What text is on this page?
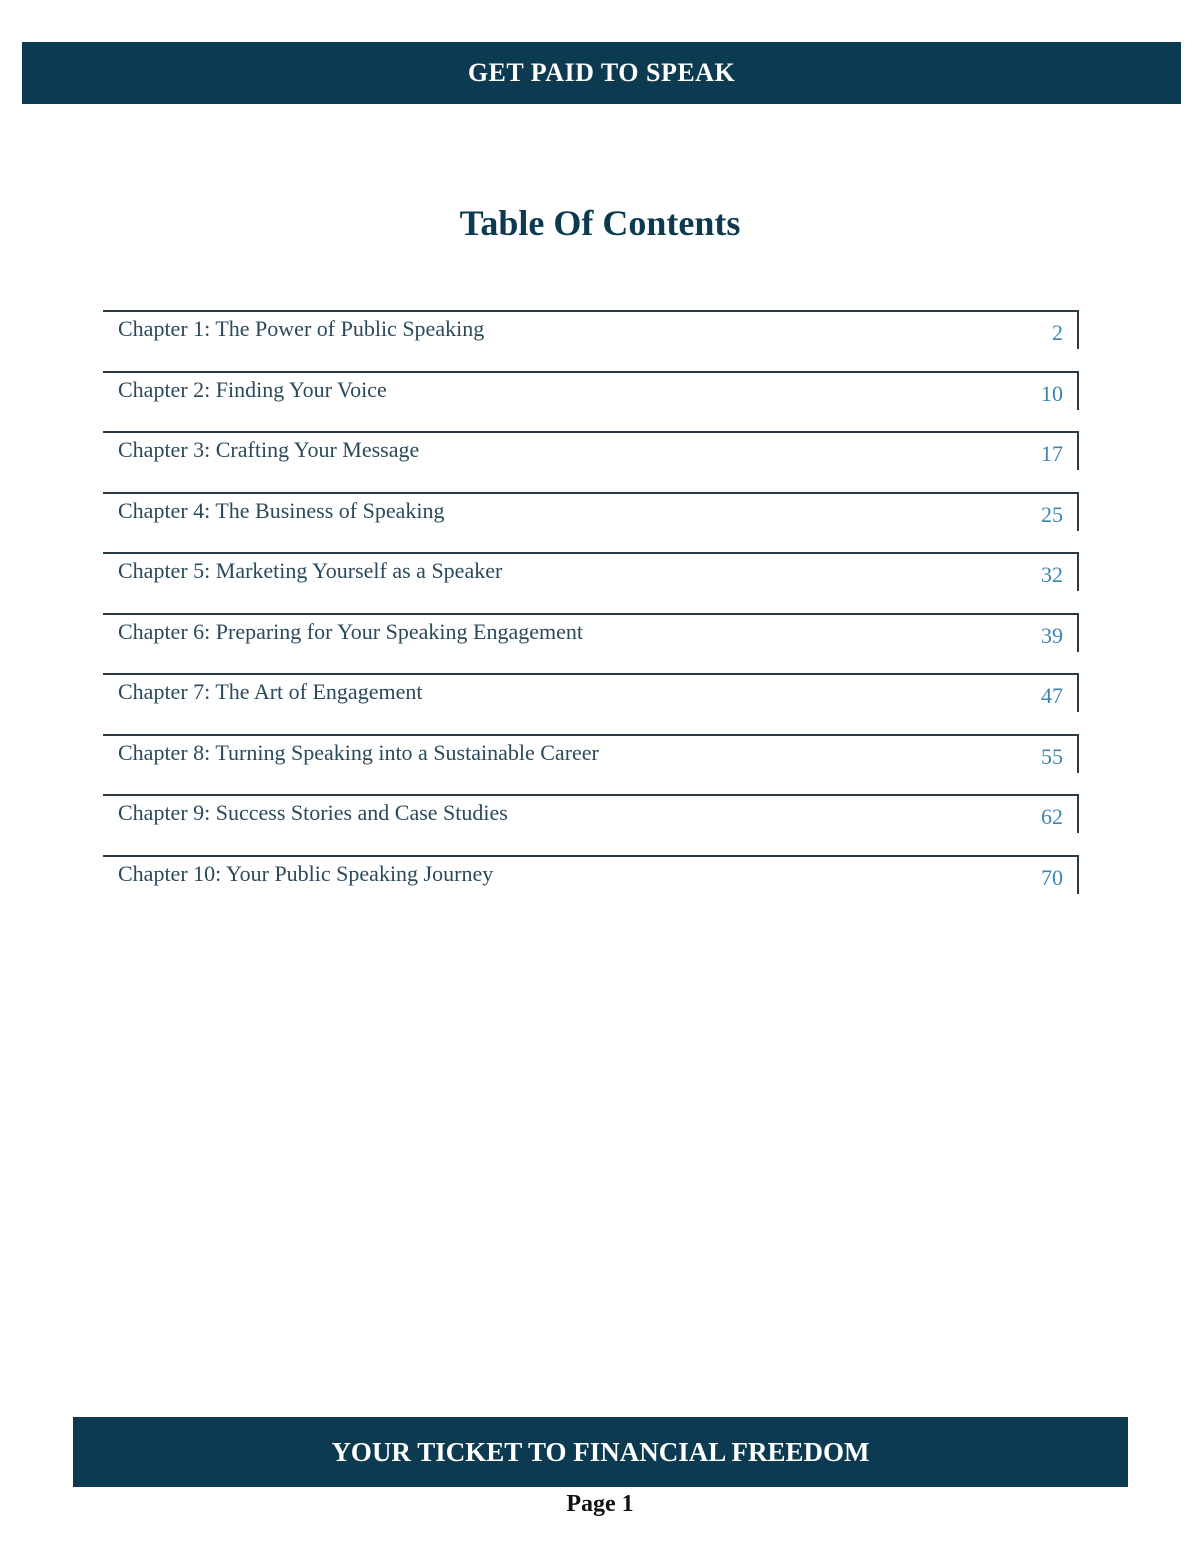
GET PAID TO SPEAK
Table Of Contents
Chapter 1: The Power of Public Speaking	2
Chapter 2: Finding Your Voice	10
Chapter 3: Crafting Your Message	17
Chapter 4: The Business of Speaking	25
Chapter 5: Marketing Yourself as a Speaker	32
Chapter 6: Preparing for Your Speaking Engagement	39
Chapter 7: The Art of Engagement	47
Chapter 8: Turning Speaking into a Sustainable Career	55
Chapter 9: Success Stories and Case Studies	62
Chapter 10: Your Public Speaking Journey	70
YOUR TICKET TO FINANCIAL FREEDOM
Page 1
